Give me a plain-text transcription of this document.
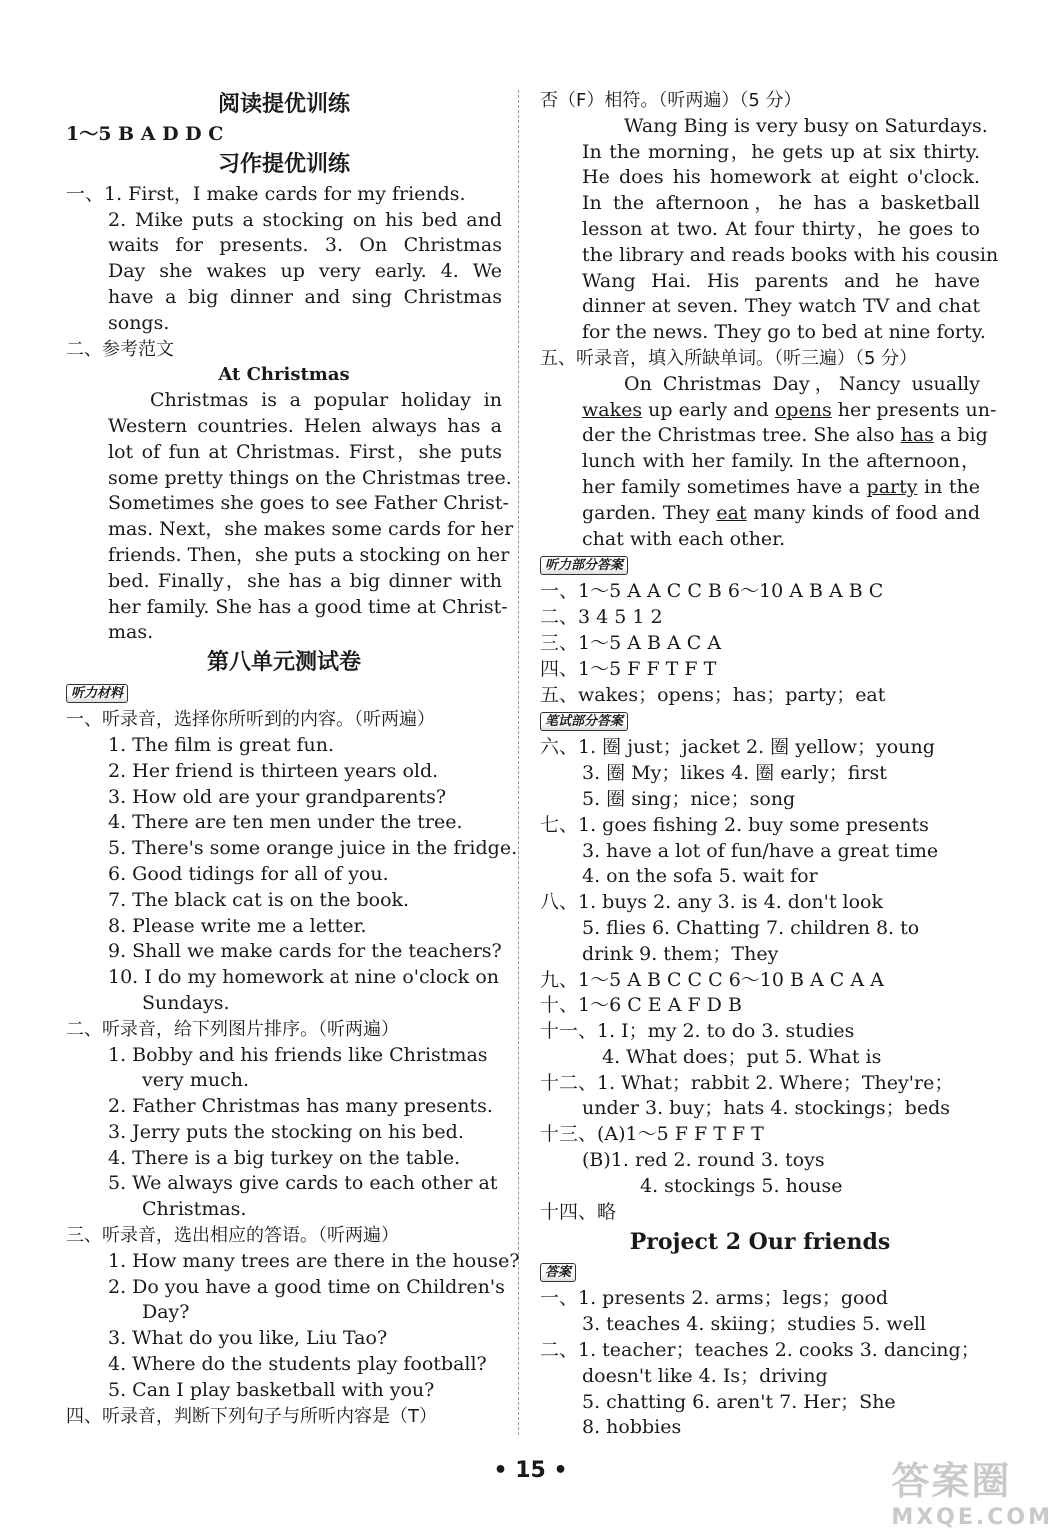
阅读提优训练
1～5 B A D D C
习作提优训练
一、1. First，I make cards for my friends.
2. Mike puts a stocking on his bed and
waits for presents. 3. On Christmas
Day she wakes up very early. 4. We
have a big dinner and sing Christmas
songs.
二、参考范文
At Christmas
Christmas is a popular holiday in
Western countries. Helen always has a
lot of fun at Christmas. First，she puts
some pretty things on the Christmas tree.
Sometimes she goes to see Father Christ-
mas. Next，she makes some cards for her
friends. Then，she puts a stocking on her
bed. Finally，she has a big dinner with
her family. She has a good time at Christ-
mas.
第八单元测试卷
听力材料
一、听录音，选择你所听到的内容。（听两遍）
1. The film is great fun.
2. Her friend is thirteen years old.
3. How old are your grandparents?
4. There are ten men under the tree.
5. There's some orange juice in the fridge.
6. Good tidings for all of you.
7. The black cat is on the book.
8. Please write me a letter.
9. Shall we make cards for the teachers?
10. I do my homework at nine o'clock on
Sundays.
二、听录音，给下列图片排序。（听两遍）
1. Bobby and his friends like Christmas
very much.
2. Father Christmas has many presents.
3. Jerry puts the stocking on his bed.
4. There is a big turkey on the table.
5. We always give cards to each other at
Christmas.
三、听录音，选出相应的答语。（听两遍）
1. How many trees are there in the house?
2. Do you have a good time on Children's
Day?
3. What do you like, Liu Tao?
4. Where do the students play football?
5. Can I play basketball with you?
四、听录音，判断下列句子与所听内容是（T）
否（F）相符。（听两遍）（5 分）
Wang Bing is very busy on Saturdays.
In the morning，he gets up at six thirty.
He does his homework at eight o'clock.
In the afternoon，he has a basketball
lesson at two. At four thirty，he goes to
the library and reads books with his cousin
Wang Hai. His parents and he have
dinner at seven. They watch TV and chat
for the news. They go to bed at nine forty.
五、听录音，填入所缺单词。（听三遍）（5 分）
On Christmas Day，Nancy usually
wakes up early and opens her presents un-
der the Christmas tree. She also has a big
lunch with her family. In the afternoon，
her family sometimes have a party in the
garden. They eat many kinds of food and
chat with each other.
听力部分答案
一、1～5 A A C C B 6～10 A B A B C
二、3 4 5 1 2
三、1～5 A B A C A
四、1～5 F F T F T
五、wakes；opens；has；party；eat
笔试部分答案
六、1. 圈 just；jacket 2. 圈 yellow；young
3. 圈 My；likes 4. 圈 early；first
5. 圈 sing；nice；song
七、1. goes fishing 2. buy some presents
3. have a lot of fun/have a great time
4. on the sofa 5. wait for
八、1. buys 2. any 3. is 4. don't look
5. flies 6. Chatting 7. children 8. to
drink 9. them；They
九、1～5 A B C C C 6～10 B A C A A
十、1～6 C E A F D B
十一、1. I；my 2. to do 3. studies
4. What does；put 5. What is
十二、1. What；rabbit 2. Where；They're；
under 3. buy；hats 4. stockings；beds
十三、(A)1～5 F F T F T
(B)1. red 2. round 3. toys
4. stockings 5. house
十四、略
Project 2 Our friends
答案
一、1. presents 2. arms；legs；good
3. teaches 4. skiing；studies 5. well
二、1. teacher；teaches 2. cooks 3. dancing；
doesn't like 4. Is；driving
5. chatting 6. aren't 7. Her；She
8. hobbies
• 15 •	答案圈
MXQE.COM
